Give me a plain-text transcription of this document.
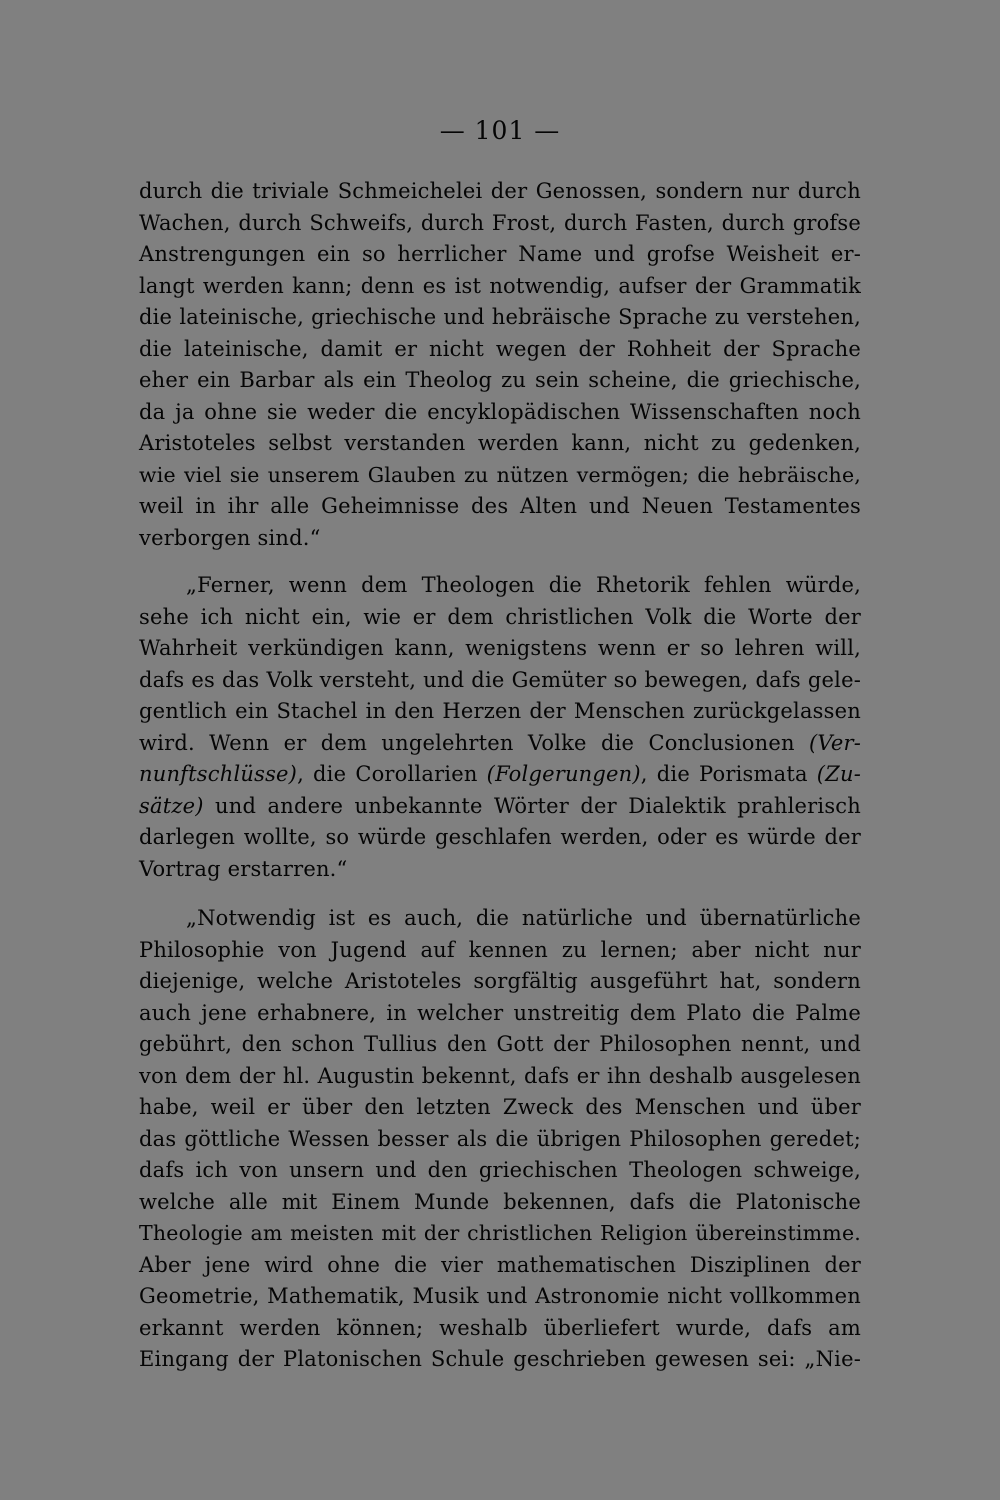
— 101 —
durch die triviale Schmeichelei der Genossen, sondern nur durch
Wachen, durch Schweifs, durch Frost, durch Fasten, durch grofse
Anstrengungen ein so herrlicher Name und grofse Weisheit er-
langt werden kann; denn es ist notwendig, aufser der Grammatik
die lateinische, griechische und hebräische Sprache zu verstehen,
die lateinische, damit er nicht wegen der Rohheit der Sprache
eher ein Barbar als ein Theolog zu sein scheine, die griechische,
da ja ohne sie weder die encyklopädischen Wissenschaften noch
Aristoteles selbst verstanden werden kann, nicht zu gedenken,
wie viel sie unserem Glauben zu nützen vermögen; die hebräische,
weil in ihr alle Geheimnisse des Alten und Neuen Testamentes
verborgen sind.“
„Ferner, wenn dem Theologen die Rhetorik fehlen würde,
sehe ich nicht ein, wie er dem christlichen Volk die Worte der
Wahrheit verkündigen kann, wenigstens wenn er so lehren will,
dafs es das Volk versteht, und die Gemüter so bewegen, dafs gele-
gentlich ein Stachel in den Herzen der Menschen zurückgelassen
wird. Wenn er dem ungelehrten Volke die Conclusionen (Ver-
nunftschlüsse), die Corollarien (Folgerungen), die Porismata (Zu-
sätze) und andere unbekannte Wörter der Dialektik prahlerisch
darlegen wollte, so würde geschlafen werden, oder es würde der
Vortrag erstarren.“
„Notwendig ist es auch, die natürliche und übernatürliche
Philosophie von Jugend auf kennen zu lernen; aber nicht nur
diejenige, welche Aristoteles sorgfältig ausgeführt hat, sondern
auch jene erhabnere, in welcher unstreitig dem Plato die Palme
gebührt, den schon Tullius den Gott der Philosophen nennt, und
von dem der hl. Augustin bekennt, dafs er ihn deshalb ausgelesen
habe, weil er über den letzten Zweck des Menschen und über
das göttliche Wessen besser als die übrigen Philosophen geredet;
dafs ich von unsern und den griechischen Theologen schweige,
welche alle mit Einem Munde bekennen, dafs die Platonische
Theologie am meisten mit der christlichen Religion übereinstimme.
Aber jene wird ohne die vier mathematischen Disziplinen der
Geometrie, Mathematik, Musik und Astronomie nicht vollkommen
erkannt werden können; weshalb überliefert wurde, dafs am
Eingang der Platonischen Schule geschrieben gewesen sei: „Nie-
